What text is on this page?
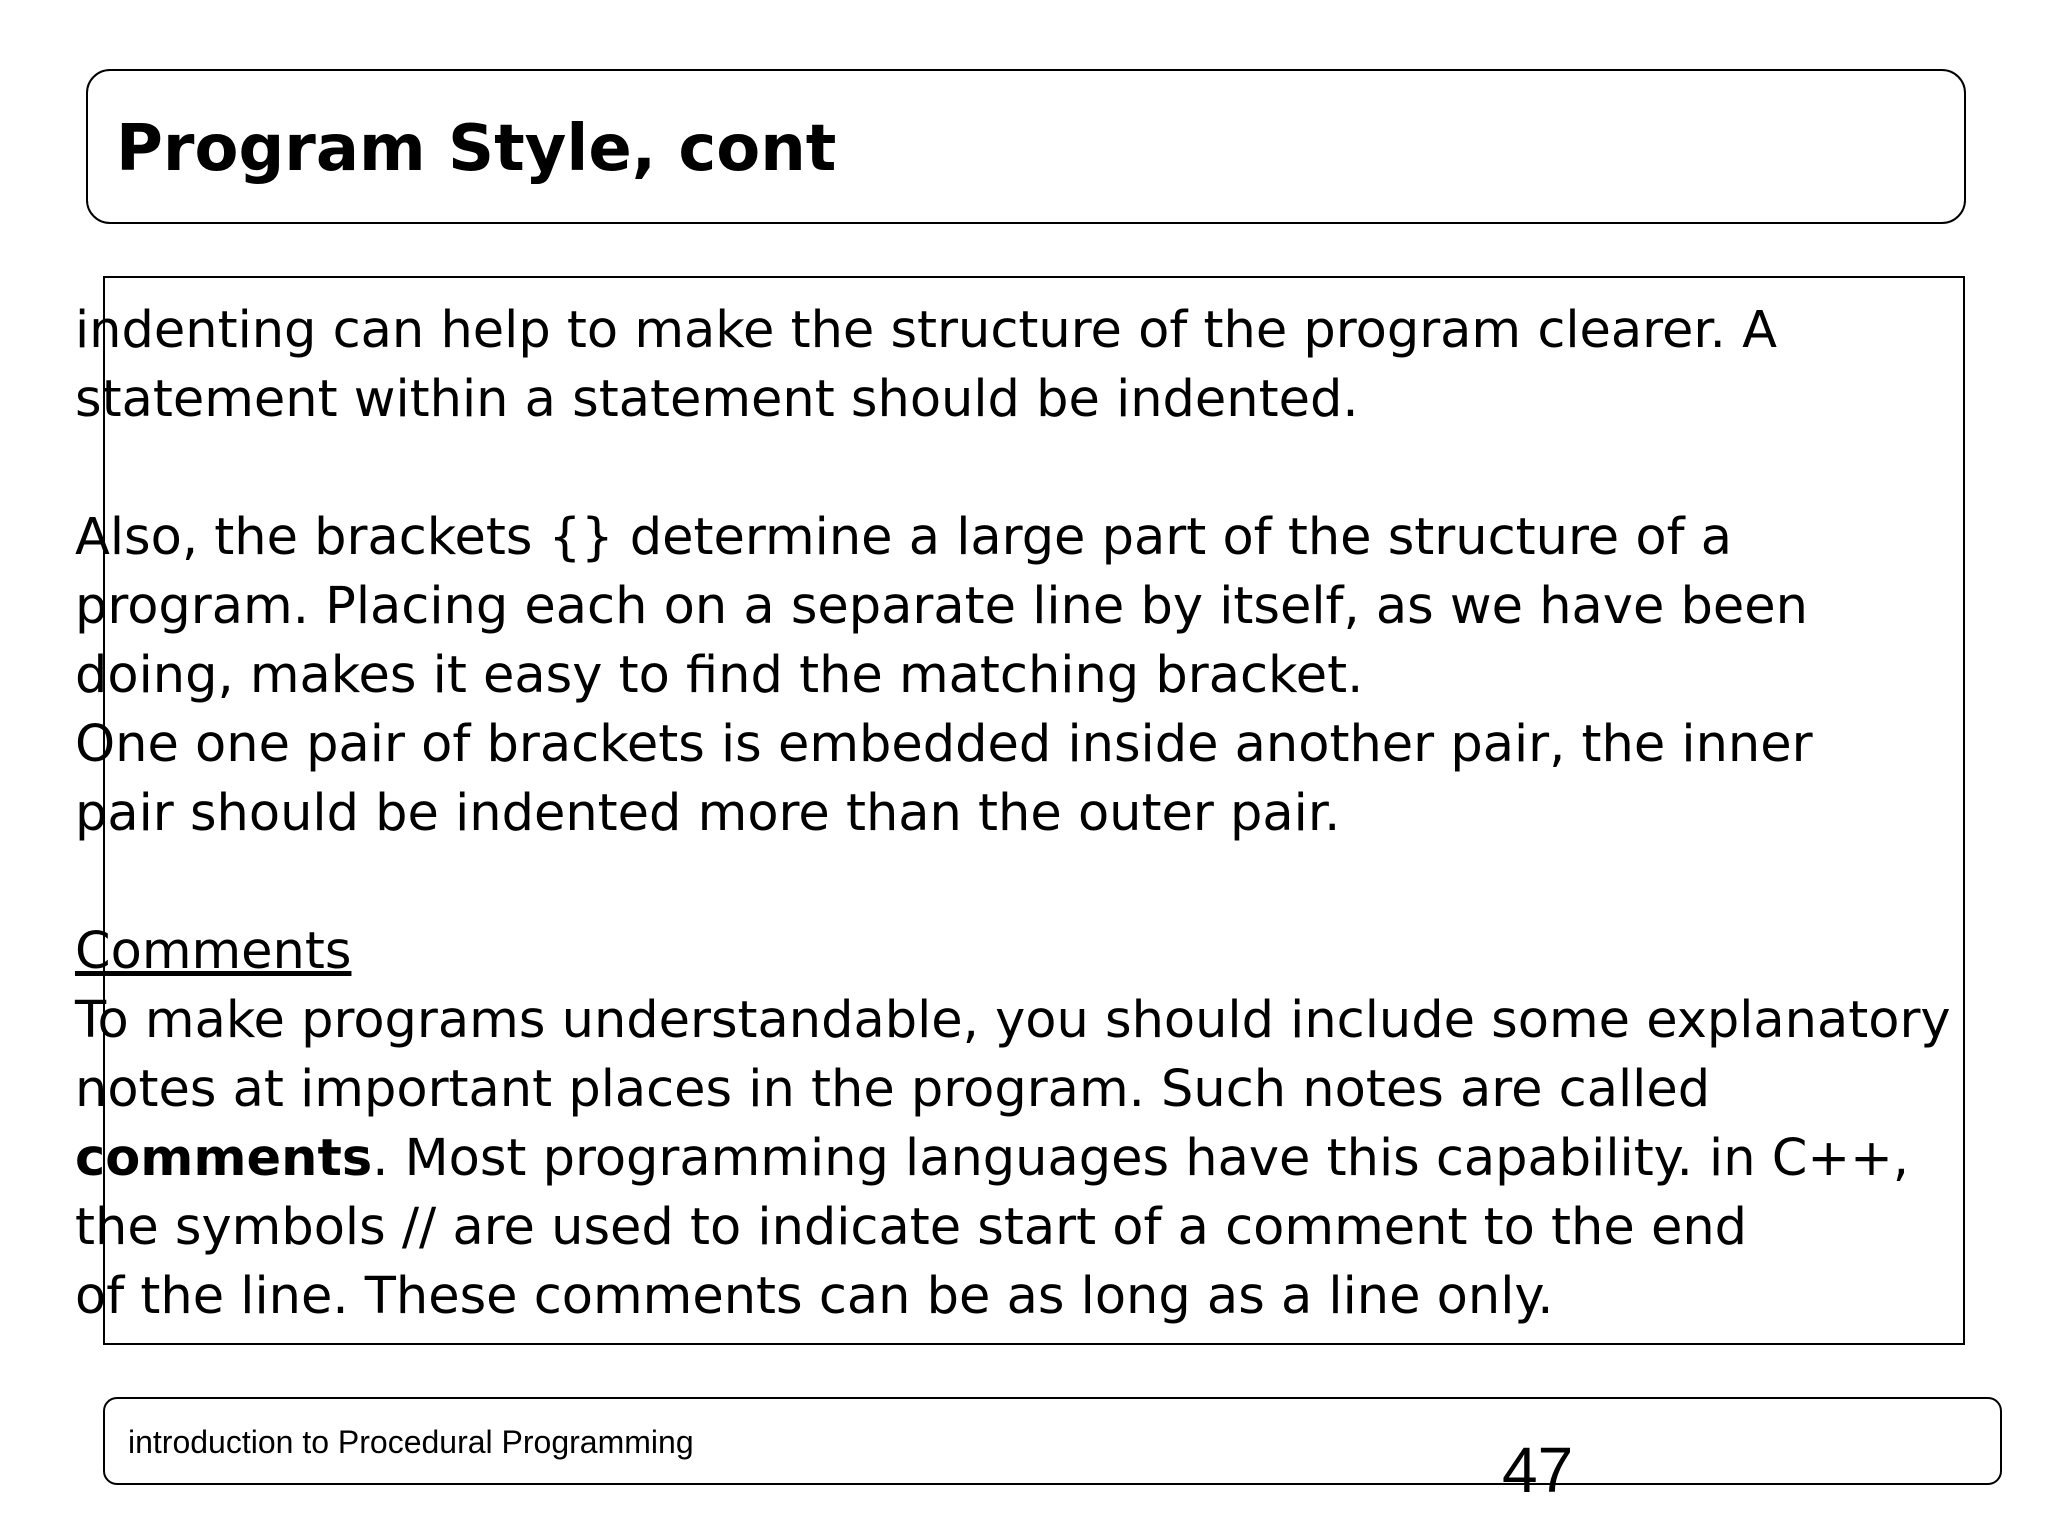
Program Style, cont
indenting can help to make the structure of the program clearer. A
statement within a statement should be indented.
Also, the brackets {} determine a large part of the structure of a
program. Placing each on a separate line by itself, as we have been
doing, makes it easy to find the matching bracket.
One one pair of brackets is embedded inside another pair, the inner
pair should be indented more than the outer pair.
Comments
To make programs understandable, you should include some explanatory
notes at important places in the program. Such notes are called
comments. Most programming languages have this capability. in C++,
the symbols // are used to indicate start of a comment to the end
of the line. These comments can be as long as a line only.
introduction to Procedural Programming	47
